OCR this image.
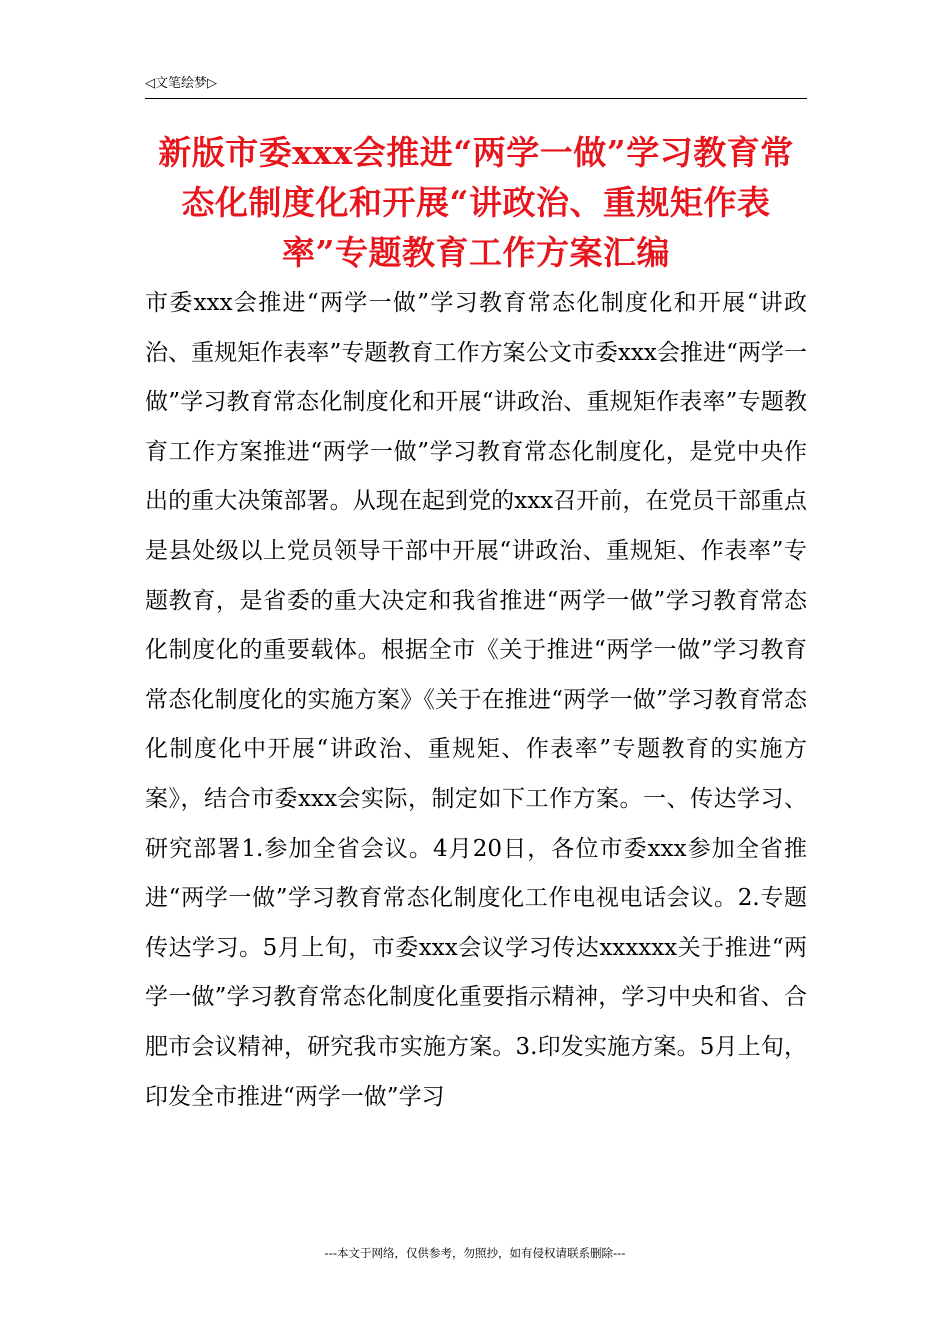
◁文笔绘梦▷
新版市委xxx会推进“两学一做”学习教育常态化制度化和开展“讲政治、重规矩作表率”专题教育工作方案汇编

市委xxx会推进“两学一做”学习教育常态化制度化和开展“讲政治、重规矩作表率”专题教育工作方案公文市委xxx会推进“两学一做”学习教育常态化制度化和开展“讲政治、重规矩作表率”专题教育工作方案推进“两学一做”学习教育常态化制度化，是党中央作出的重大决策部署。从现在起到党的xxx召开前，在党员干部重点是县处级以上党员领导干部中开展“讲政治、重规矩、作表率”专题教育，是省委的重大决定和我省推进“两学一做”学习教育常态化制度化的重要载体。根据全市《关于推进“两学一做”学习教育常态化制度化的实施方案》《关于在推进“两学一做”学习教育常态化制度化中开展“讲政治、重规矩、作表率”专题教育的实施方案》，结合市委xxx会实际，制定如下工作方案。一、传达学习、研究部署1.参加全省会议。4月20日，各位市委xxx参加全省推进“两学一做”学习教育常态化制度化工作电视电话会议。2.专题传达学习。5月上旬，市委xxx会议学习传达xxxxxx关于推进“两学一做”学习教育常态化制度化重要指示精神，学习中央和省、合肥市会议精神，研究我市实施方案。3.印发实施方案。5月上旬，印发全市推进“两学一做”学习

---本文于网络，仅供参考，勿照抄，如有侵权请联系删除---
